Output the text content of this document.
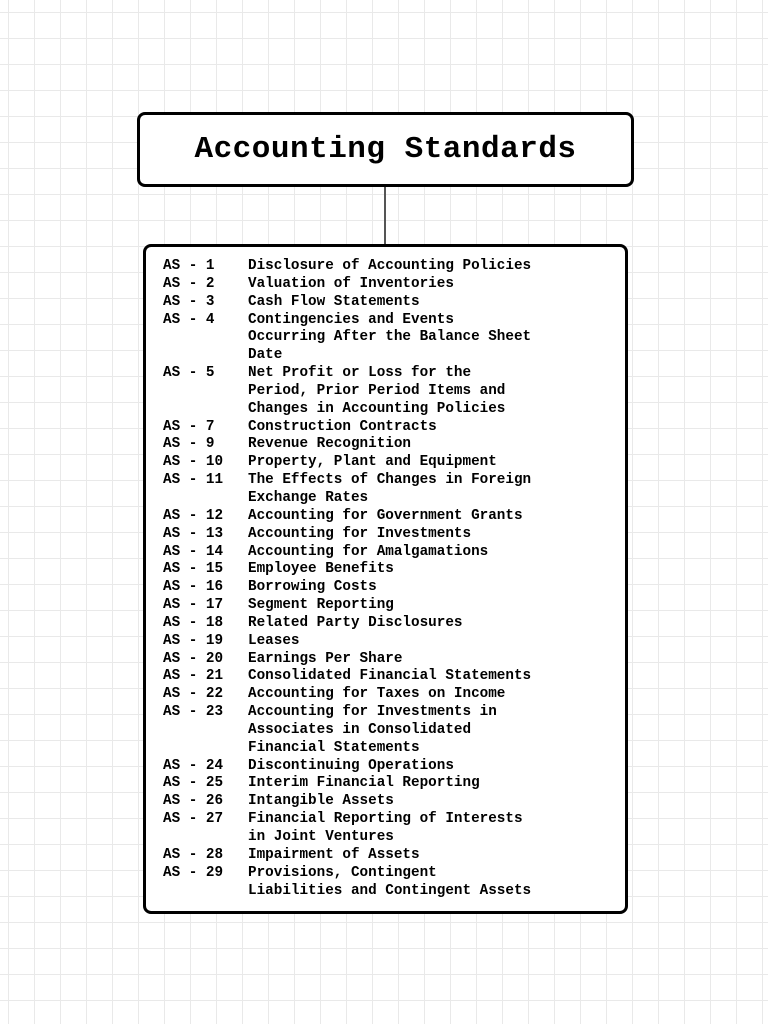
Accounting Standards
AS - 1	Disclosure of Accounting Policies
AS - 2	Valuation of Inventories
AS - 3	Cash Flow Statements
AS - 4	Contingencies and Events
Occurring After the Balance Sheet
Date
AS - 5	Net Profit or Loss for the
Period, Prior Period Items and
Changes in Accounting Policies
AS - 7	Construction Contracts
AS - 9	Revenue Recognition
AS - 10	Property, Plant and Equipment
AS - 11	The Effects of Changes in Foreign
Exchange Rates
AS - 12	Accounting for Government Grants
AS - 13	Accounting for Investments
AS - 14	Accounting for Amalgamations
AS - 15	Employee Benefits
AS - 16	Borrowing Costs
AS - 17	Segment Reporting
AS - 18	Related Party Disclosures
AS - 19	Leases
AS - 20	Earnings Per Share
AS - 21	Consolidated Financial Statements
AS - 22	Accounting for Taxes on Income
AS - 23	Accounting for Investments in
Associates in Consolidated
Financial Statements
AS - 24	Discontinuing Operations
AS - 25	Interim Financial Reporting
AS - 26	Intangible Assets
AS - 27	Financial Reporting of Interests
in Joint Ventures
AS - 28	Impairment of Assets
AS - 29	Provisions, Contingent
Liabilities and Contingent Assets
